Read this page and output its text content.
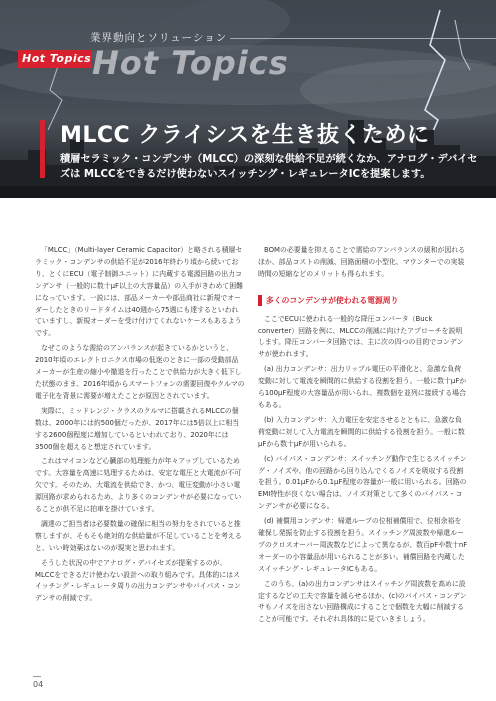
業界動向とソリューション
Hot Topics Hot Topics
MLCC クライシスを生き抜くために
積層セラミック・コンデンサ（MLCC）の深刻な供給不足が続くなか、アナログ・デバイセズは MLCCをできるだけ使わないスイッチング・レギュレータICを提案します。

「MLCC」（Multi-layer Ceramic Capacitor）と略される積層セラミック・コンデンサの供給不足が2016年終わり頃から続いており、とくにECU（電子制御ユニット）に内蔵する電源回路の出力コンデンサ（一般的に数十μF以上の大容量品）の入手がきわめて困難になっています。一説には、部品メーカーや部品商社に新規でオーダーしたときのリードタイムは40週から75週にも達するといわれていますし、新規オーダーを受け付けてくれないケースもあるようです。

なぜこのような需給のアンバランスが起きているかというと、2010年頃のエレクトロニクス市場の低迷のときに一部の受動部品メーカーが生産の縮小や撤退を行ったことで供給力が大きく低下した状態のまま、2016年頃からスマートフォンの需要回復やクルマの電子化を背景に需要が増えたことが原因とされています。

実際に、ミッドレンジ・クラスのクルマに搭載されるMLCCの個数は、2000年には約500個だったが、2017年には5倍以上に相当する2600個程度に増加しているといわれており、2020年には3500個を超えると想定されています。

これはマイコンなど心臓部の処理能力が年々アップしているためです。大容量を高速に処理するためは、安定な電圧と大電流が不可欠です。そのため、大電流を供給でき、かつ、電圧変動が小さい電源回路が求められるため、より多くのコンデンサが必要になっていることが供不足に拍車を掛けています。

調達のご担当者は必要数量の確保に相当の努力をされていると推察しますが、そもそも絶対的な供給量が不足していることを考えると、いい時効薬はないのが現実と思われます。

そうした状況の中でアナログ・デバイセズが提案するのが、MLCCをできるだけ使わない設計への取り組みです。具体的にはスイッチング・レギュレータ周りの出力コンデンサやバイパス・コンデンサの削減です。

BOMの必要量を抑えることで需給のアンバランスの緩和が図れるほか、部品コストの削減、回路面積の小型化、マウンターでの実装時間の短縮などのメリットも得られます。

多くのコンデンサが使われる電源周り

ここでECUに使われる一般的な降圧コンバータ（Buck converter）回路を例に、MLCCの削減に向けたアプローチを説明します。降圧コンバータ回路では、主に次の四つの目的でコンデンサが使われます。

(a) 出力コンデンサ：出力リップル電圧の平滑化と、急激な負荷変動に対して電流を瞬間的に供給する役割を担う。一般に数十μFから100μF程度の大容量品が用いられ、複数個を並列に接続する場合もある。

(b) 入力コンデンサ：入力電圧を安定させるとともに、急激な負荷変動に対して入力電流を瞬間的に供給する役割を担う。一般に数μFから数十μFが用いられる。

(c) バイパス・コンデンサ：スイッチング動作で生じるスイッチング・ノイズや、他の回路から回り込んでくるノイズを吸収する役割を担う。0.01μFから0.1μF程度の容量が一般に用いられる。回路のEMI特性が良くない場合は、ノイズ対策として多くのバイパス・コンデンサが必要になる。

(d) 補償用コンデンサ：帰還ループの位相補償用で、位相余裕を確保し発振を防止する役割を担う。スイッチング周波数や帰還ループのクロスオーバー周波数などによって異なるが、数百pFや数十nFオーダーの小容量品が用いられることが多い。補償回路を内蔵したスイッチング・レギュレータICもある。

このうち、(a)の出力コンデンサはスイッチング周波数を高めに設定するなどの工夫で容量を減らせるほか、(c)のバイパス・コンデンサもノイズを出さない回路構成にすることで個数を大幅に削減することが可能です。それぞれ具体的に見ていきましょう。

04
